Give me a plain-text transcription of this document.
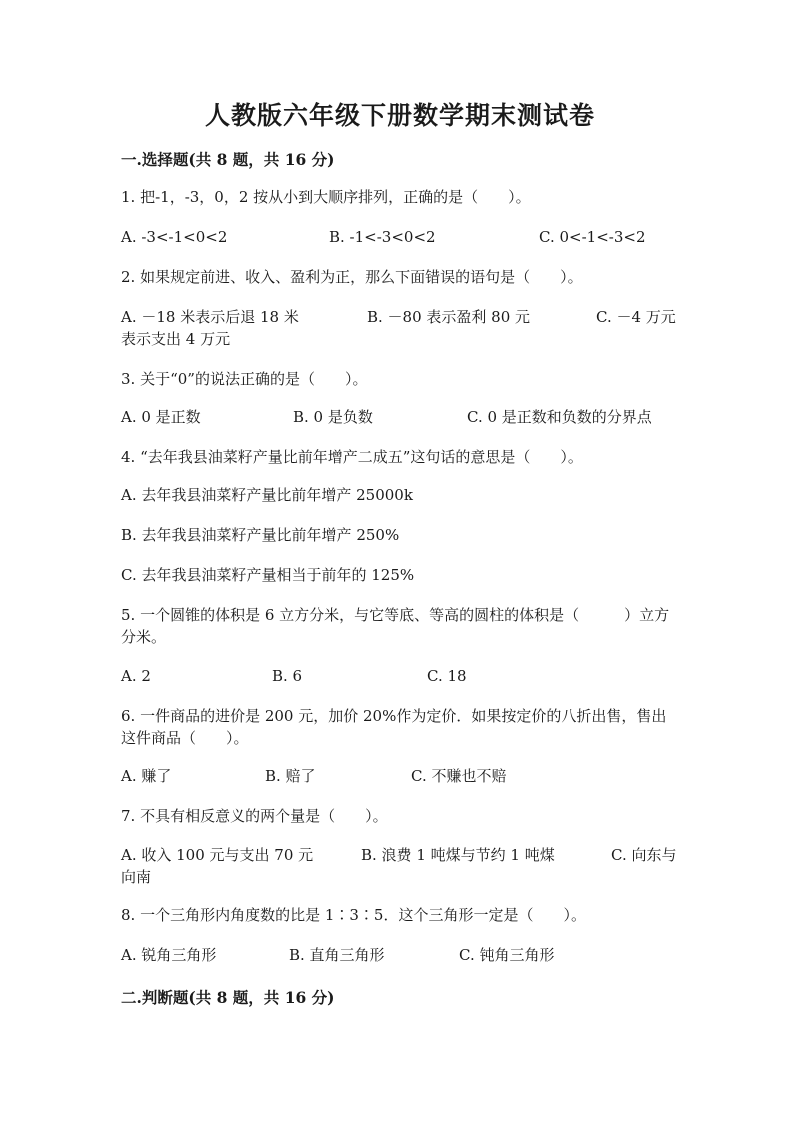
人教版六年级下册数学期末测试卷
一.选择题(共 8 题，共 16 分)
1. 把-1，-3，0，2 按从小到大顺序排列，正确的是（　　）。
A. -3<-1<0<2	B. -1<-3<0<2	C. 0<-1<-3<2
2. 如果规定前进、收入、盈利为正，那么下面错误的语句是（　　）。
A. －18 米表示后退 18 米	B. －80 表示盈利 80 元	C. －4 万元
表示支出 4 万元
3. 关于“0”的说法正确的是（　　）。
A. 0 是正数	B. 0 是负数	C. 0 是正数和负数的分界点
4. “去年我县油菜籽产量比前年增产二成五”这句话的意思是（　　）。
A. 去年我县油菜籽产量比前年增产 25000k
B. 去年我县油菜籽产量比前年增产 250%
C. 去年我县油菜籽产量相当于前年的 125%
5. 一个圆锥的体积是 6 立方分米，与它等底、等高的圆柱的体积是（　　　）立方分米。
A. 2	B. 6	C. 18
6. 一件商品的进价是 200 元，加价 20%作为定价．如果按定价的八折出售，售出这件商品（　　）。
A. 赚了	B. 赔了	C. 不赚也不赔
7. 不具有相反意义的两个量是（　　）。
A. 收入 100 元与支出 70 元	B. 浪费 1 吨煤与节约 1 吨煤	C. 向东与
向南
8. 一个三角形内角度数的比是 1∶3∶5．这个三角形一定是（　　）。
A. 锐角三角形	B. 直角三角形	C. 钝角三角形
二.判断题(共 8 题，共 16 分)
